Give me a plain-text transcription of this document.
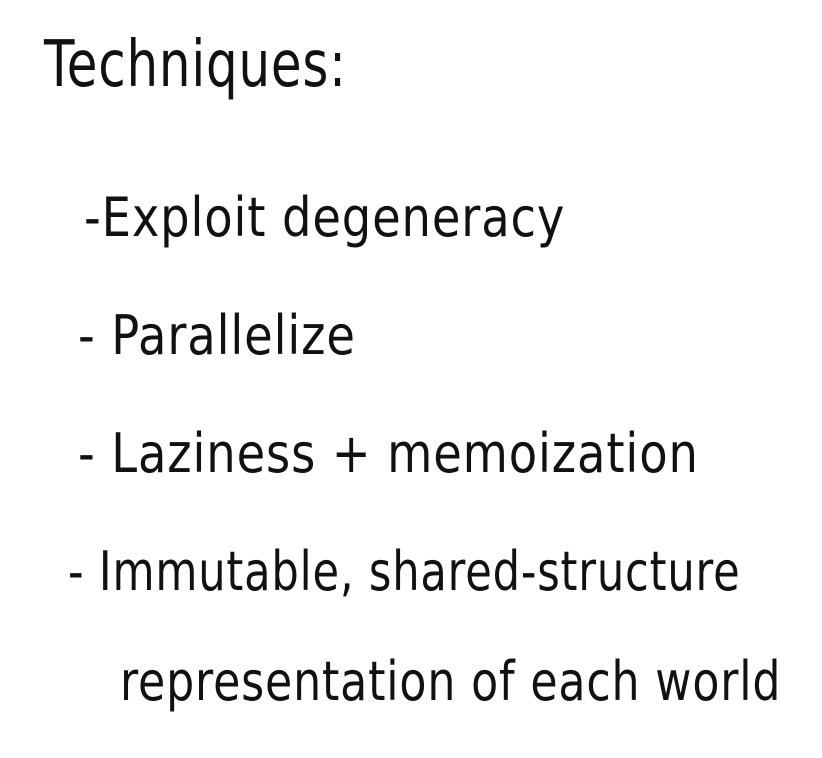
Techniques:
-Exploit degeneracy
- Parallelize
- Laziness + memoization
- Immutable, shared-structure
representation of each world
